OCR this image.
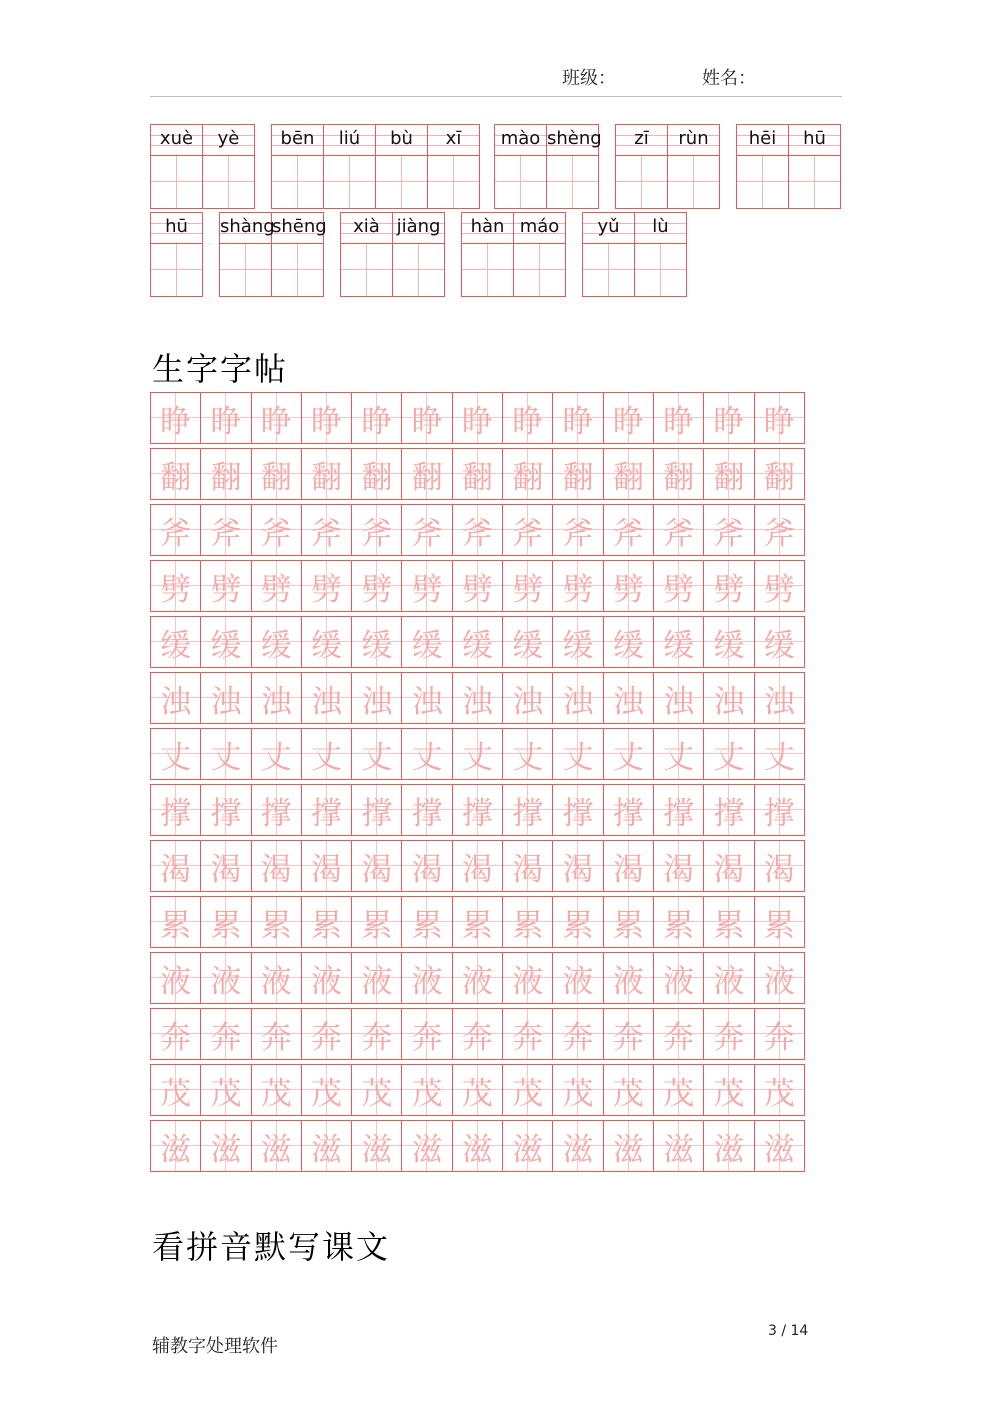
班级：	姓名：
xuè	yè	bēn	liú	bù	xī	mào shèng	zī	rùn	hēi	hū
hū	shàng
shēng	xià jiàng	hàn máo	yǔ	lù
生字字帖
睁 睁 睁 睁 睁 睁 睁 睁 睁 睁 睁 睁 睁
翻 翻 翻 翻 翻 翻 翻 翻 翻 翻 翻 翻 翻
斧 斧 斧 斧 斧 斧 斧 斧 斧 斧 斧 斧 斧
劈 劈 劈 劈 劈 劈 劈 劈 劈 劈 劈 劈 劈
缓 缓 缓 缓 缓 缓 缓 缓 缓 缓 缓 缓 缓
浊 浊 浊 浊 浊 浊 浊 浊 浊 浊 浊 浊 浊
丈 丈 丈 丈 丈 丈 丈 丈 丈 丈 丈 丈 丈
撑 撑 撑 撑 撑 撑 撑 撑 撑 撑 撑 撑 撑
渴 渴 渴 渴 渴 渴 渴 渴 渴 渴 渴 渴 渴
累 累 累 累 累 累 累 累 累 累 累 累 累
液 液 液 液 液 液 液 液 液 液 液 液 液
奔 奔 奔 奔 奔 奔 奔 奔 奔 奔 奔 奔 奔
茂 茂 茂 茂 茂 茂 茂 茂 茂 茂 茂 茂 茂
滋 滋 滋 滋 滋 滋 滋 滋 滋 滋 滋 滋 滋
看拼音默写课文
辅教字处理软件
3 / 14
